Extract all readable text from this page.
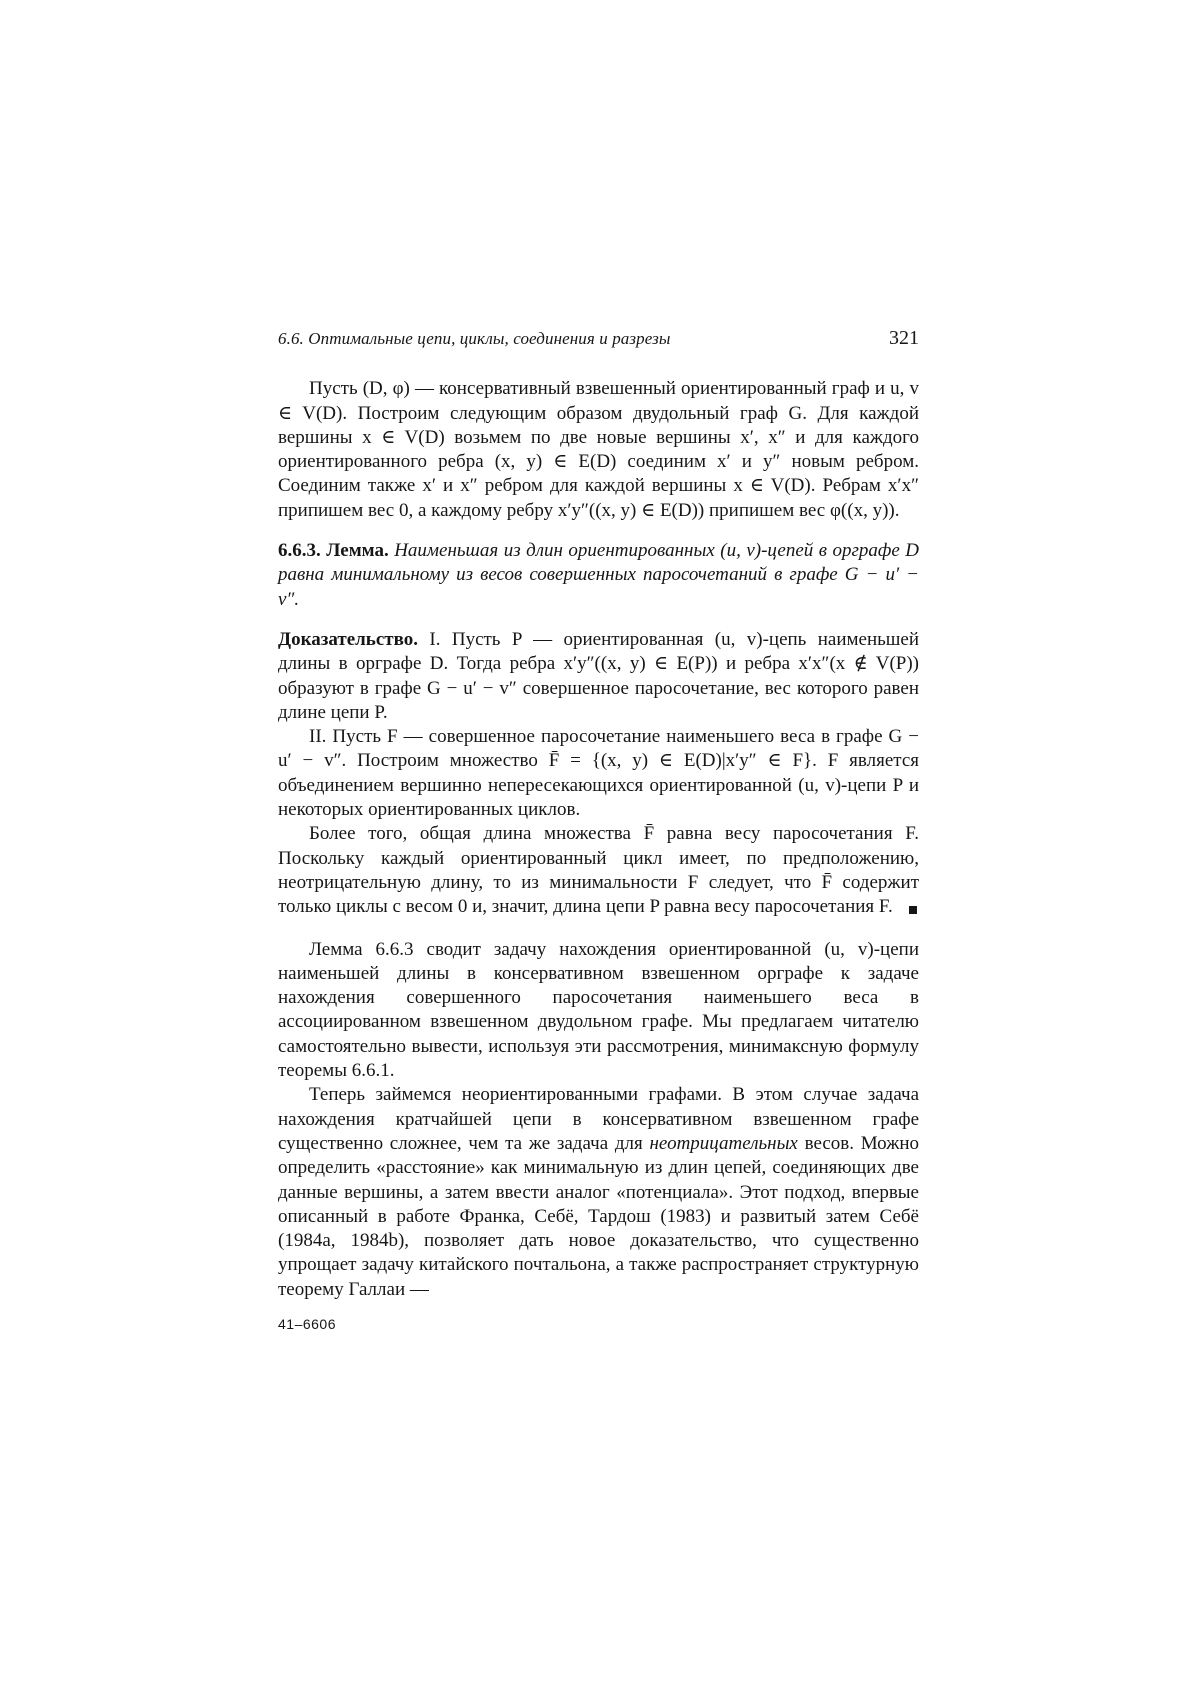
6.6. Оптимальные цепи, циклы, соединения и разрезы	321

Пусть (D, φ) — консервативный взвешенный ориентированный граф и u, v ∈ V(D). Построим следующим образом двудольный граф G. Для каждой вершины x ∈ V(D) возьмем по две новые вершины x′, x″ и для каждого ориентированного ребра (x, y) ∈ E(D) соединим x′ и y″ новым ребром. Соединим также x′ и x″ ребром для каждой вершины x ∈ V(D). Ребрам x′x″ припишем вес 0, а каждому ребру x′y″((x, y) ∈ E(D)) припишем вес φ((x, y)).

6.6.3. Лемма. Наименьшая из длин ориентированных (u, v)-цепей в орграфе D равна минимальному из весов совершенных паросочетаний в графе G − u′ − v″.

Доказательство. I. Пусть P — ориентированная (u, v)-цепь наименьшей длины в орграфе D. Тогда ребра x′y″((x, y) ∈ E(P)) и ребра x′x″(x ∉ V(P)) образуют в графе G − u′ − v″ совершенное паросочетание, вес которого равен длине цепи P.

II. Пусть F — совершенное паросочетание наименьшего веса в графе G − u′ − v″. Построим множество F̄ = {(x, y) ∈ E(D)|x′y″ ∈ F}. F является объединением вершинно непересекающихся ориентированной (u, v)-цепи P и некоторых ориентированных циклов.

Более того, общая длина множества F̄ равна весу паросочетания F. Поскольку каждый ориентированный цикл имеет, по предположению, неотрицательную длину, то из минимальности F следует, что F̄ содержит только циклы с весом 0 и, значит, длина цепи P равна весу паросочетания F.

Лемма 6.6.3 сводит задачу нахождения ориентированной (u, v)-цепи наименьшей длины в консервативном взвешенном орграфе к задаче нахождения совершенного паросочетания наименьшего веса в ассоциированном взвешенном двудольном графе. Мы предлагаем читателю самостоятельно вывести, используя эти рассмотрения, минимаксную формулу теоремы 6.6.1.

Теперь займемся неориентированными графами. В этом случае задача нахождения кратчайшей цепи в консервативном взвешенном графе существенно сложнее, чем та же задача для неотрицательных весов. Можно определить «расстояние» как минимальную из длин цепей, соединяющих две данные вершины, а затем ввести аналог «потенциала». Этот подход, впервые описанный в работе Франка, Себё, Тардош (1983) и развитый затем Себё (1984a, 1984b), позволяет дать новое доказательство, что существенно упрощает задачу китайского почтальона, а также распространяет структурную теорему Галлаи —

41–6606
